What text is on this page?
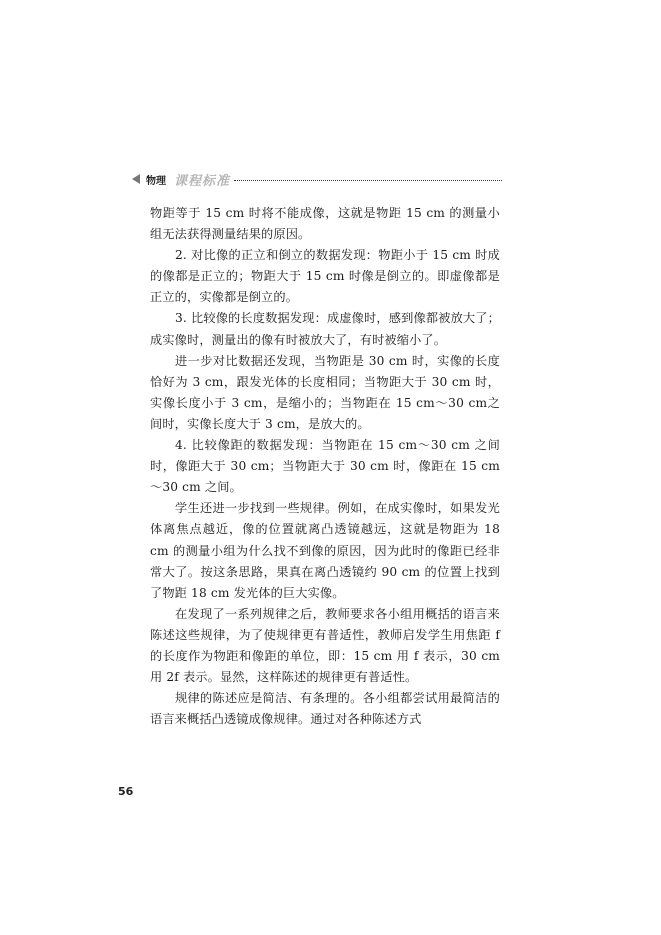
物理 课程标准

物距等于 15 cm 时将不能成像，这就是物距 15 cm 的测量小组无法获得测量结果的原因。

2. 对比像的正立和倒立的数据发现：物距小于 15 cm 时成的像都是正立的；物距大于 15 cm 时像是倒立的。即虚像都是正立的，实像都是倒立的。

3. 比较像的长度数据发现：成虚像时，感到像都被放大了；成实像时，测量出的像有时被放大了，有时被缩小了。

进一步对比数据还发现，当物距是 30 cm 时，实像的长度恰好为 3 cm，跟发光体的长度相同；当物距大于 30 cm 时，实像长度小于 3 cm，是缩小的；当物距在 15 cm～30 cm之间时，实像长度大于 3 cm，是放大的。

4. 比较像距的数据发现：当物距在 15 cm～30 cm 之间时，像距大于 30 cm；当物距大于 30 cm 时，像距在 15 cm～30 cm 之间。

学生还进一步找到一些规律。例如，在成实像时，如果发光体离焦点越近，像的位置就离凸透镜越远，这就是物距为 18 cm 的测量小组为什么找不到像的原因，因为此时的像距已经非常大了。按这条思路，果真在离凸透镜约 90 cm 的位置上找到了物距 18 cm 发光体的巨大实像。

在发现了一系列规律之后，教师要求各小组用概括的语言来陈述这些规律，为了使规律更有普适性，教师启发学生用焦距 f 的长度作为物距和像距的单位，即：15 cm 用 f 表示，30 cm 用 2f 表示。显然，这样陈述的规律更有普适性。

规律的陈述应是简洁、有条理的。各小组都尝试用最简洁的语言来概括凸透镜成像规律。通过对各种陈述方式

56
